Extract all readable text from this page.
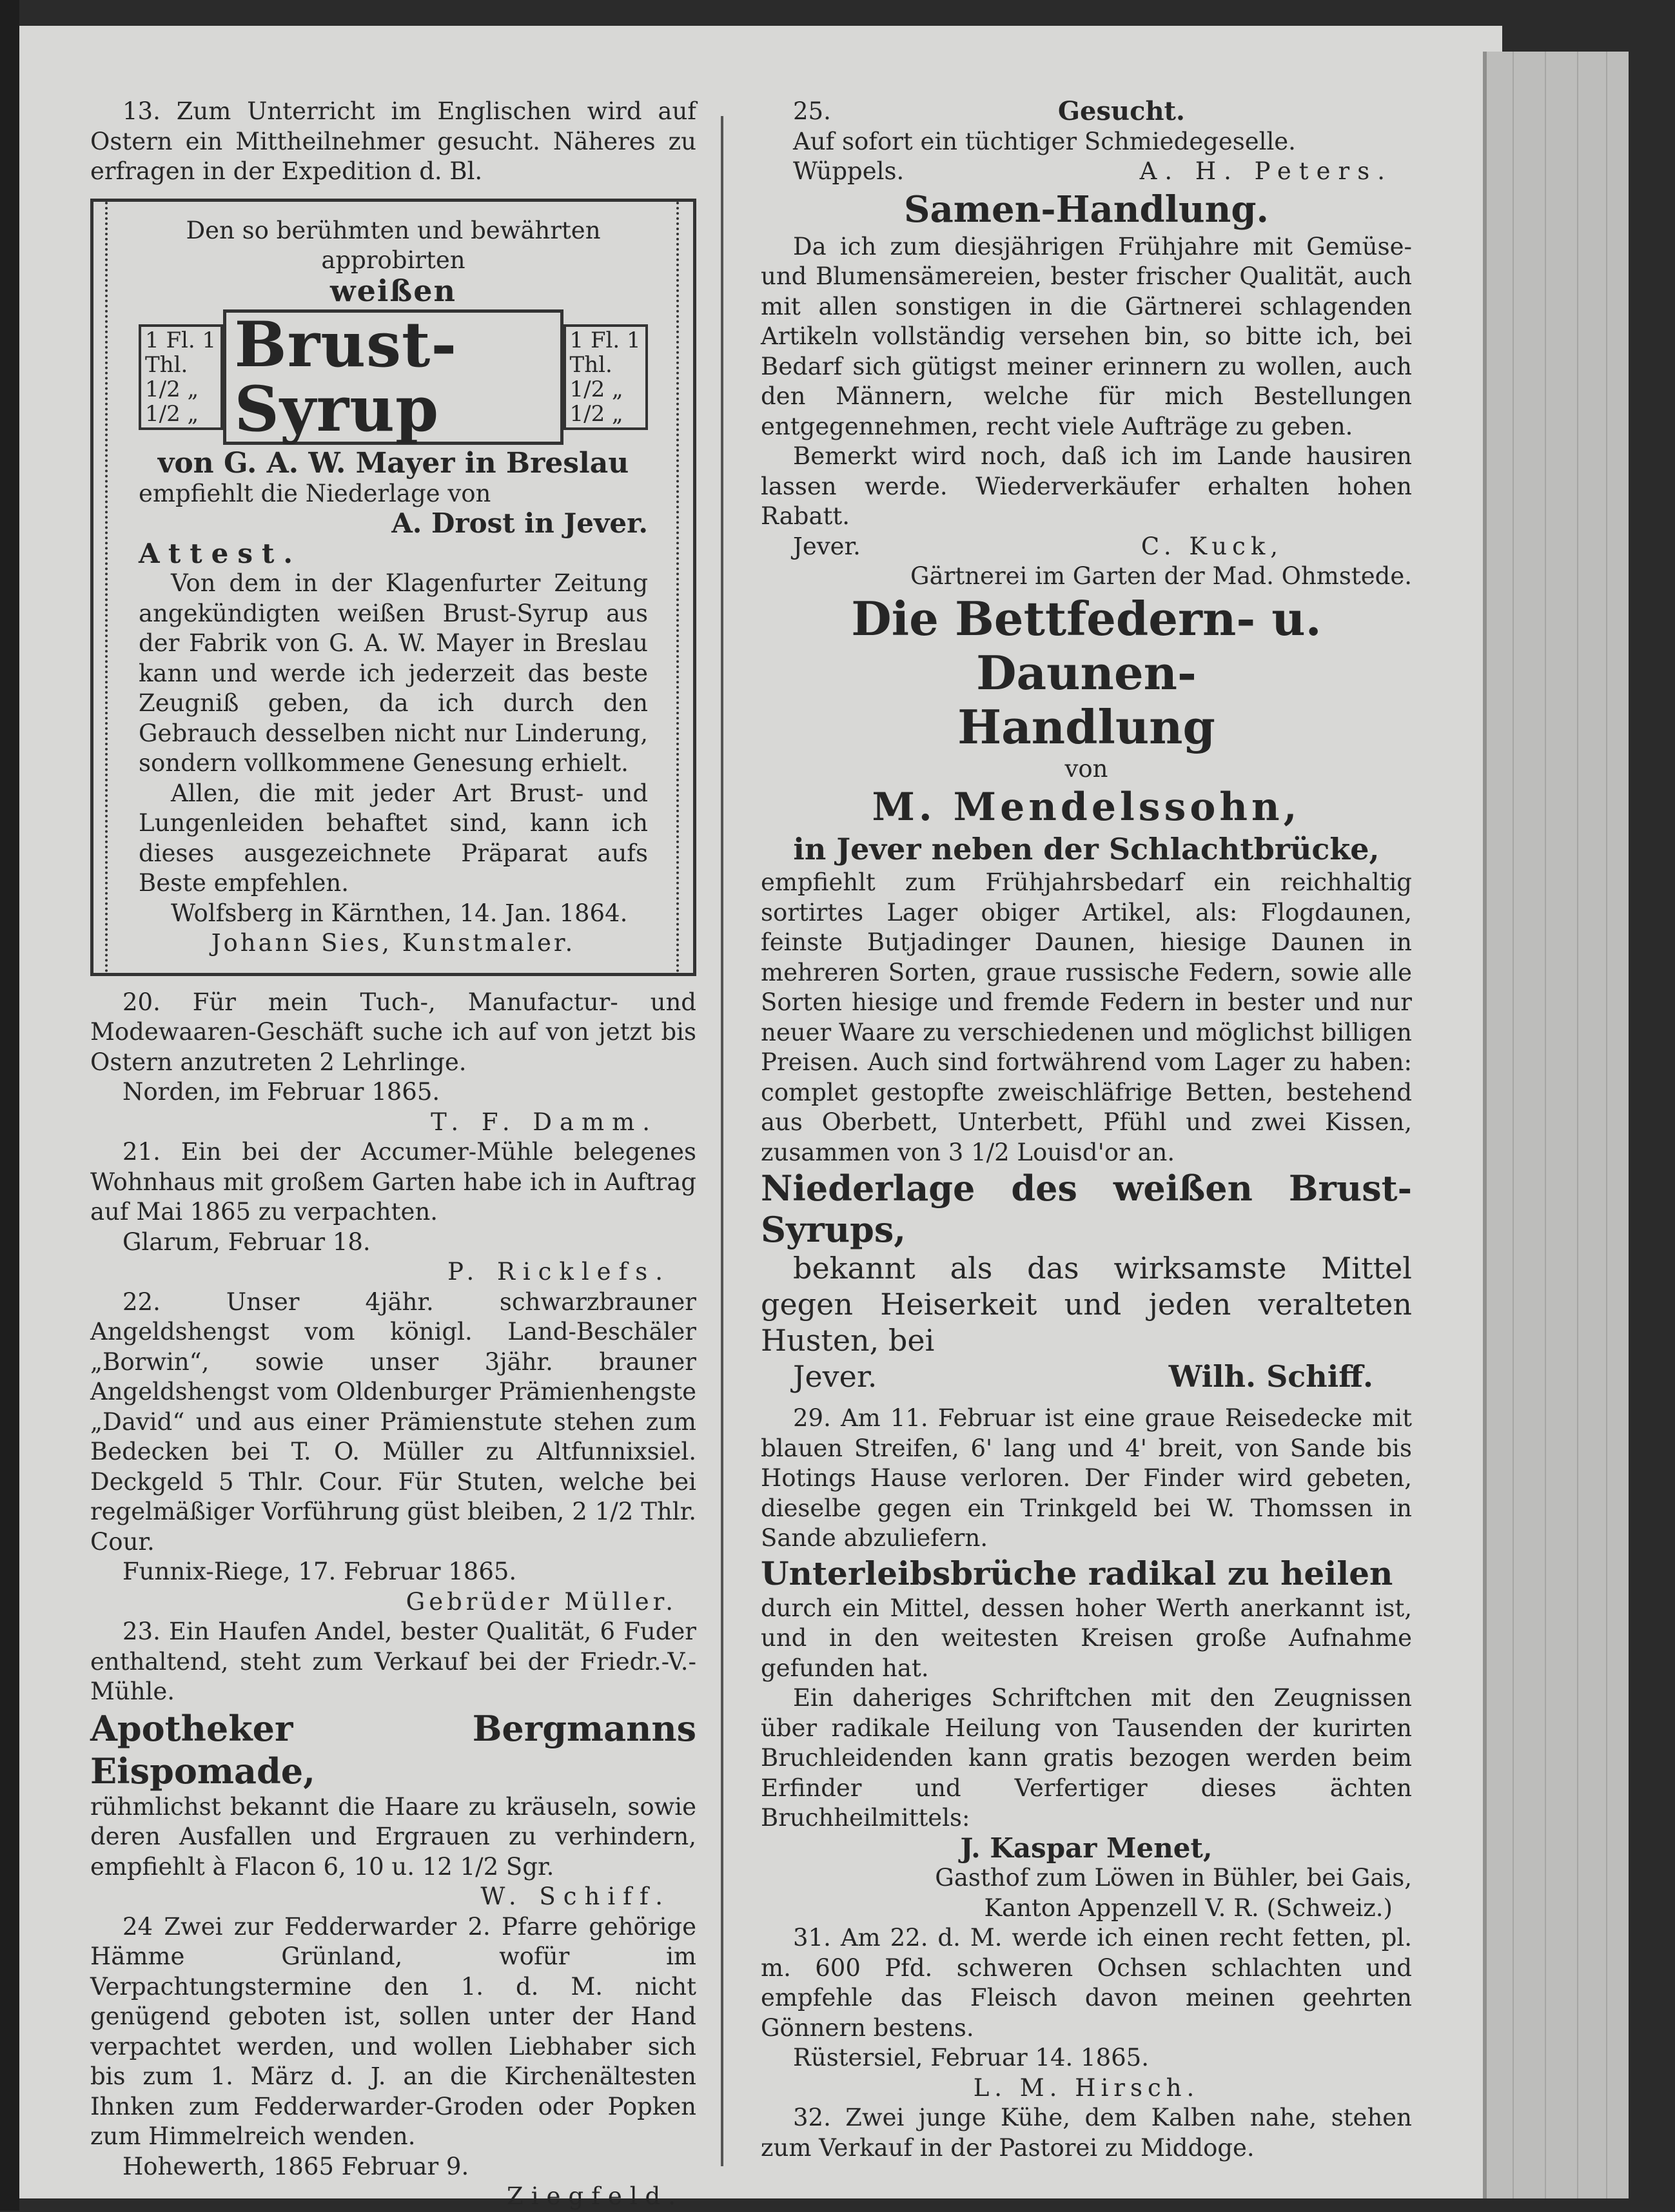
13. Zum Unterricht im Englischen wird auf Ostern ein Mittheilnehmer gesucht. Näheres zu erfragen in der Expedition d. Bl.

Den so berühmten und bewährten approbirten

weißen

1 Fl. 1 Thl.
1/2 „ 1/2 „
Brust-Syrup
1 Fl. 1 Thl.
1/2 „ 1/2 „

von G. A. W. Mayer in Breslau

empfiehlt die Niederlage von

A. Drost in Jever.

Attest.

Von dem in der Klagenfurter Zeitung angekündigten weißen Brust-Syrup aus der Fabrik von G. A. W. Mayer in Breslau kann und werde ich jederzeit das beste Zeugniß geben, da ich durch den Gebrauch desselben nicht nur Linderung, sondern vollkommene Genesung erhielt.

Allen, die mit jeder Art Brust- und Lungenleiden behaftet sind, kann ich dieses ausgezeichnete Präparat aufs Beste empfehlen.

Wolfsberg in Kärnthen, 14. Jan. 1864.

Johann Sies, Kunstmaler.

20. Für mein Tuch-, Manufactur- und Modewaaren-Geschäft suche ich auf von jetzt bis Ostern anzutreten 2 Lehrlinge.

Norden, im Februar 1865.

T. F. Damm.

21. Ein bei der Accumer-Mühle belegenes Wohnhaus mit großem Garten habe ich in Auftrag auf Mai 1865 zu verpachten.

Glarum, Februar 18.

P. Ricklefs.

22. Unser 4jähr. schwarzbrauner Angeldshengst vom königl. Land-Beschäler „Borwin“, sowie unser 3jähr. brauner Angeldshengst vom Oldenburger Prämienhengste „David“ und aus einer Prämienstute stehen zum Bedecken bei T. O. Müller zu Altfunnixsiel. Deckgeld 5 Thlr. Cour. Für Stuten, welche bei regelmäßiger Vorführung güst bleiben, 2 1/2 Thlr. Cour.

Funnix-Riege, 17. Februar 1865.

Gebrüder Müller.

23. Ein Haufen Andel, bester Qualität, 6 Fuder enthaltend, steht zum Verkauf bei der Friedr.-V.-Mühle.

Apotheker Bergmanns Eispomade,

rühmlichst bekannt die Haare zu kräuseln, sowie deren Ausfallen und Ergrauen zu verhindern, empfiehlt à Flacon 6, 10 u. 12 1/2 Sgr.

W. Schiff.

24 Zwei zur Fedderwarder 2. Pfarre gehörige Hämme Grünland, wofür im Verpachtungstermine den 1. d. M. nicht genügend geboten ist, sollen unter der Hand verpachtet werden, und wollen Liebhaber sich bis zum 1. März d. J. an die Kirchenältesten Ihnken zum Fedderwarder-Groden oder Popken zum Himmelreich wenden.

Hohewerth, 1865 Februar 9.

Ziegfeld.

25.	Gesucht.

Auf sofort ein tüchtiger Schmiedegeselle.

Wüppels.	A. H. Peters.

Samen-Handlung.

Da ich zum diesjährigen Frühjahre mit Gemüse- und Blumensämereien, bester frischer Qualität, auch mit allen sonstigen in die Gärtnerei schlagenden Artikeln vollständig versehen bin, so bitte ich, bei Bedarf sich gütigst meiner erinnern zu wollen, auch den Männern, welche für mich Bestellungen entgegennehmen, recht viele Aufträge zu geben.

Bemerkt wird noch, daß ich im Lande hausiren lassen werde. Wiederverkäufer erhalten hohen Rabatt.

Jever.	C. Kuck,

Gärtnerei im Garten der Mad. Ohmstede.

Die Bettfedern- u. Daunen-

Handlung

von

M. Mendelssohn,

in Jever neben der Schlachtbrücke,

empfiehlt zum Frühjahrsbedarf ein reichhaltig sortirtes Lager obiger Artikel, als: Flogdaunen, feinste Butjadinger Daunen, hiesige Daunen in mehreren Sorten, graue russische Federn, sowie alle Sorten hiesige und fremde Federn in bester und nur neuer Waare zu verschiedenen und möglichst billigen Preisen. Auch sind fortwährend vom Lager zu haben: complet gestopfte zweischläfrige Betten, bestehend aus Oberbett, Unterbett, Pfühl und zwei Kissen, zusammen von 3 1/2 Louisd'or an.

Niederlage des weißen Brust-Syrups,

bekannt als das wirksamste Mittel gegen Heiserkeit und jeden veralteten Husten, bei

Jever.	Wilh. Schiff.

29. Am 11. Februar ist eine graue Reisedecke mit blauen Streifen, 6' lang und 4' breit, von Sande bis Hotings Hause verloren. Der Finder wird gebeten, dieselbe gegen ein Trinkgeld bei W. Thomssen in Sande abzuliefern.

Unterleibsbrüche radikal zu heilen

durch ein Mittel, dessen hoher Werth anerkannt ist, und in den weitesten Kreisen große Aufnahme gefunden hat.

Ein daheriges Schriftchen mit den Zeugnissen über radikale Heilung von Tausenden der kurirten Bruchleidenden kann gratis bezogen werden beim Erfinder und Verfertiger dieses ächten Bruchheilmittels:

J. Kaspar Menet,

Gasthof zum Löwen in Bühler, bei Gais,

Kanton Appenzell V. R. (Schweiz.)

31. Am 22. d. M. werde ich einen recht fetten, pl. m. 600 Pfd. schweren Ochsen schlachten und empfehle das Fleisch davon meinen geehrten Gönnern bestens.

Rüstersiel, Februar 14. 1865.

L. M. Hirsch.

32. Zwei junge Kühe, dem Kalben nahe, stehen zum Verkauf in der Pastorei zu Middoge.
